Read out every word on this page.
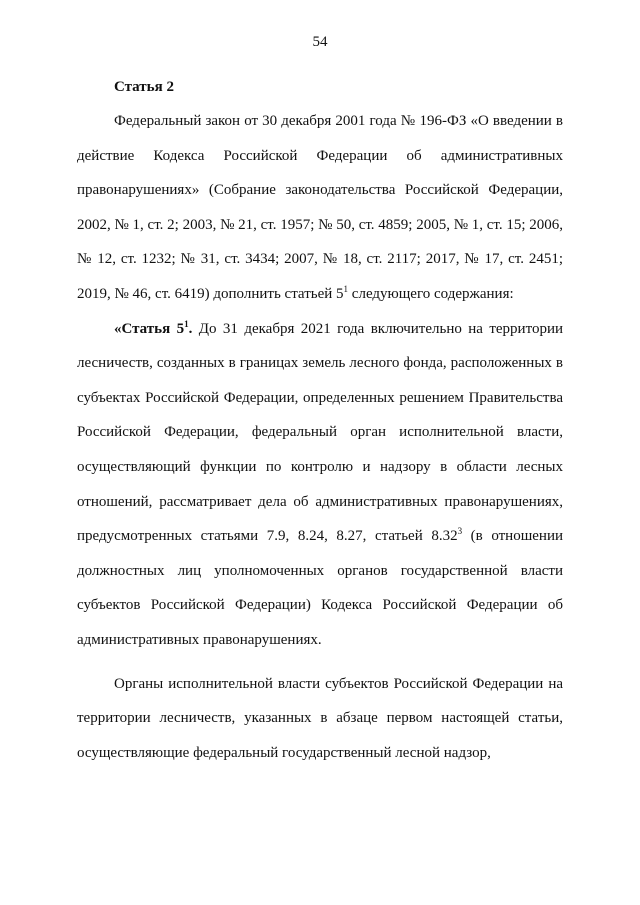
54

Статья 2

Федеральный закон от 30 декабря 2001 года № 196-ФЗ «О введении в действие Кодекса Российской Федерации об административных правонарушениях» (Собрание законодательства Российской Федерации, 2002, № 1, ст. 2; 2003, № 21, ст. 1957; № 50, ст. 4859; 2005, № 1, ст. 15; 2006, № 12, ст. 1232; № 31, ст. 3434; 2007, № 18, ст. 2117; 2017, № 17, ст. 2451; 2019, № 46, ст. 6419) дополнить статьей $5^1$ следующего содержания:

«Статья $5^1$. До 31 декабря 2021 года включительно на территории лесничеств, созданных в границах земель лесного фонда, расположенных в субъектах Российской Федерации, определенных решением Правительства Российской Федерации, федеральный орган исполнительной власти, осуществляющий функции по контролю и надзору в области лесных отношений, рассматривает дела об административных правонарушениях, предусмотренных статьями 7.9, 8.24, 8.27, статьей 8.32$^3$ (в отношении должностных лиц уполномоченных органов государственной власти субъектов Российской Федерации) Кодекса Российской Федерации об административных правонарушениях.

Органы исполнительной власти субъектов Российской Федерации на территории лесничеств, указанных в абзаце первом настоящей статьи, осуществляющие федеральный государственный лесной надзор,
